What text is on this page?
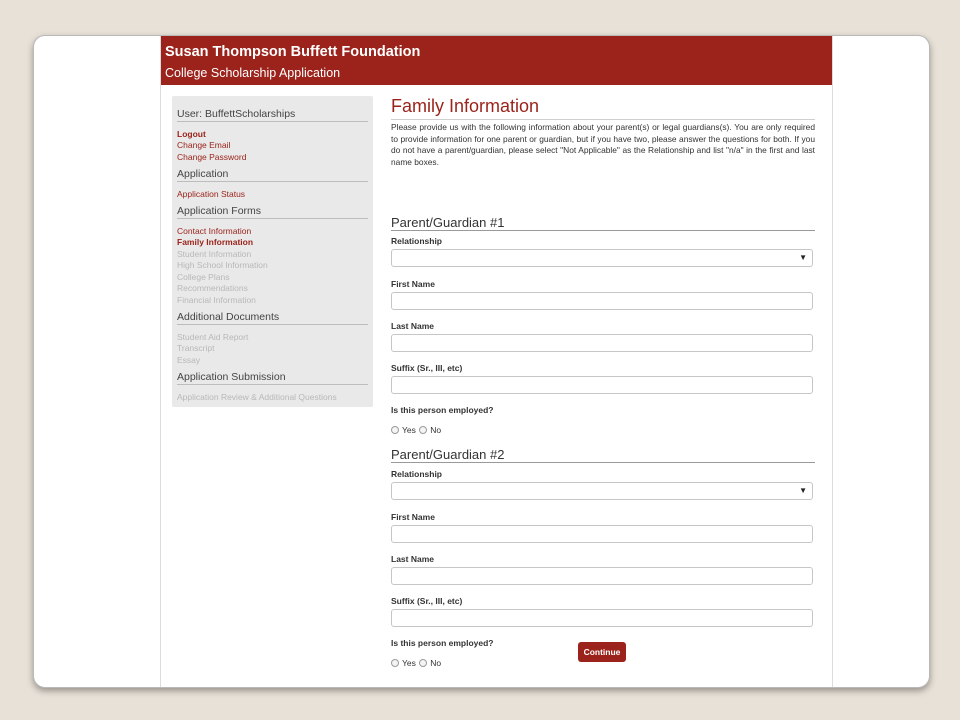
Susan Thompson Buffett Foundation
College Scholarship Application
User: BuffettScholarships
Logout
Change Email
Change Password
Application
Application Status
Application Forms
Contact Information
Family Information
Student Information
High School Information
College Plans
Recommendations
Financial Information
Additional Documents
Student Aid Report
Transcript
Essay
Application Submission
Application Review & Additional Questions
Family Information
Please provide us with the following information about your parent(s) or legal guardians(s). You are only required to provide information for one parent or guardian, but if you have two, please answer the questions for both. If you do not have a parent/guardian, please select "Not Applicable" as the Relationship and list "n/a" in the first and last name boxes.
Parent/Guardian #1
Relationship
▼
First Name
Last Name
Suffix (Sr., III, etc)
Is this person employed?
Yes No
Parent/Guardian #2
Relationship
▼
First Name
Last Name
Suffix (Sr., III, etc)
Is this person employed?
Yes No
Continue
